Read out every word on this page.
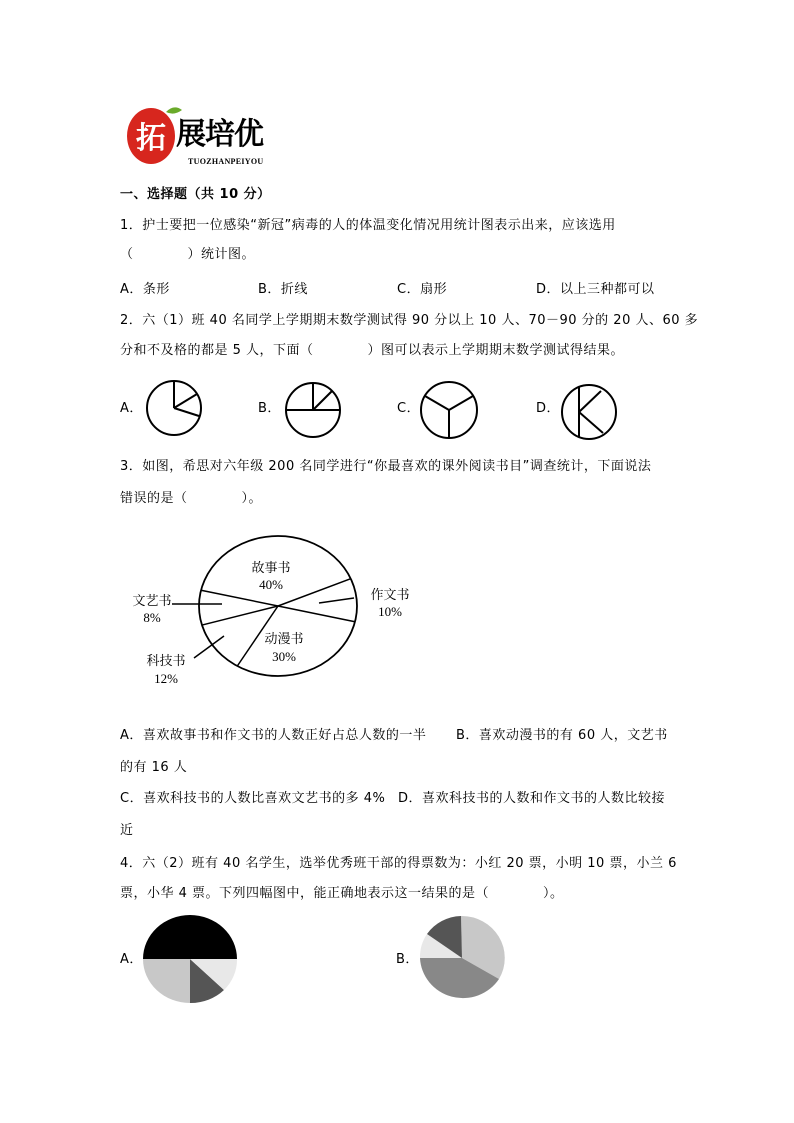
拓 展培优
TUOZHANPEIYOU
一、选择题（共 10 分）
1．护士要把一位感染“新冠”病毒的人的体温变化情况用统计图表示出来，应该选用
（　　　　）统计图。
A．条形	B．折线	C．扇形	D．以上三种都可以
2．六（1）班 40 名同学上学期期末数学测试得 90 分以上 10 人、70－90 分的 20 人、60 多
分和不及格的都是 5 人，下面（　　　　）图可以表示上学期期末数学测试得结果。
A．	B．	C．	D．
3．如图，希思对六年级 200 名同学进行“你最喜欢的课外阅读书目”调查统计，下面说法
错误的是（　　　　）。
故事书
40%
作文书
10%
动漫书
30%
科技书
12%
文艺书
8%
A．喜欢故事书和作文书的人数正好占总人数的一半 B．喜欢动漫书的有 60 人，文艺书
的有 16 人
C．喜欢科技书的人数比喜欢文艺书的多 4% D．喜欢科技书的人数和作文书的人数比较接
近
4．六（2）班有 40 名学生，选举优秀班干部的得票数为：小红 20 票，小明 10 票，小兰 6
票，小华 4 票。下列四幅图中，能正确地表示这一结果的是（　　　　）。
A．	B．
